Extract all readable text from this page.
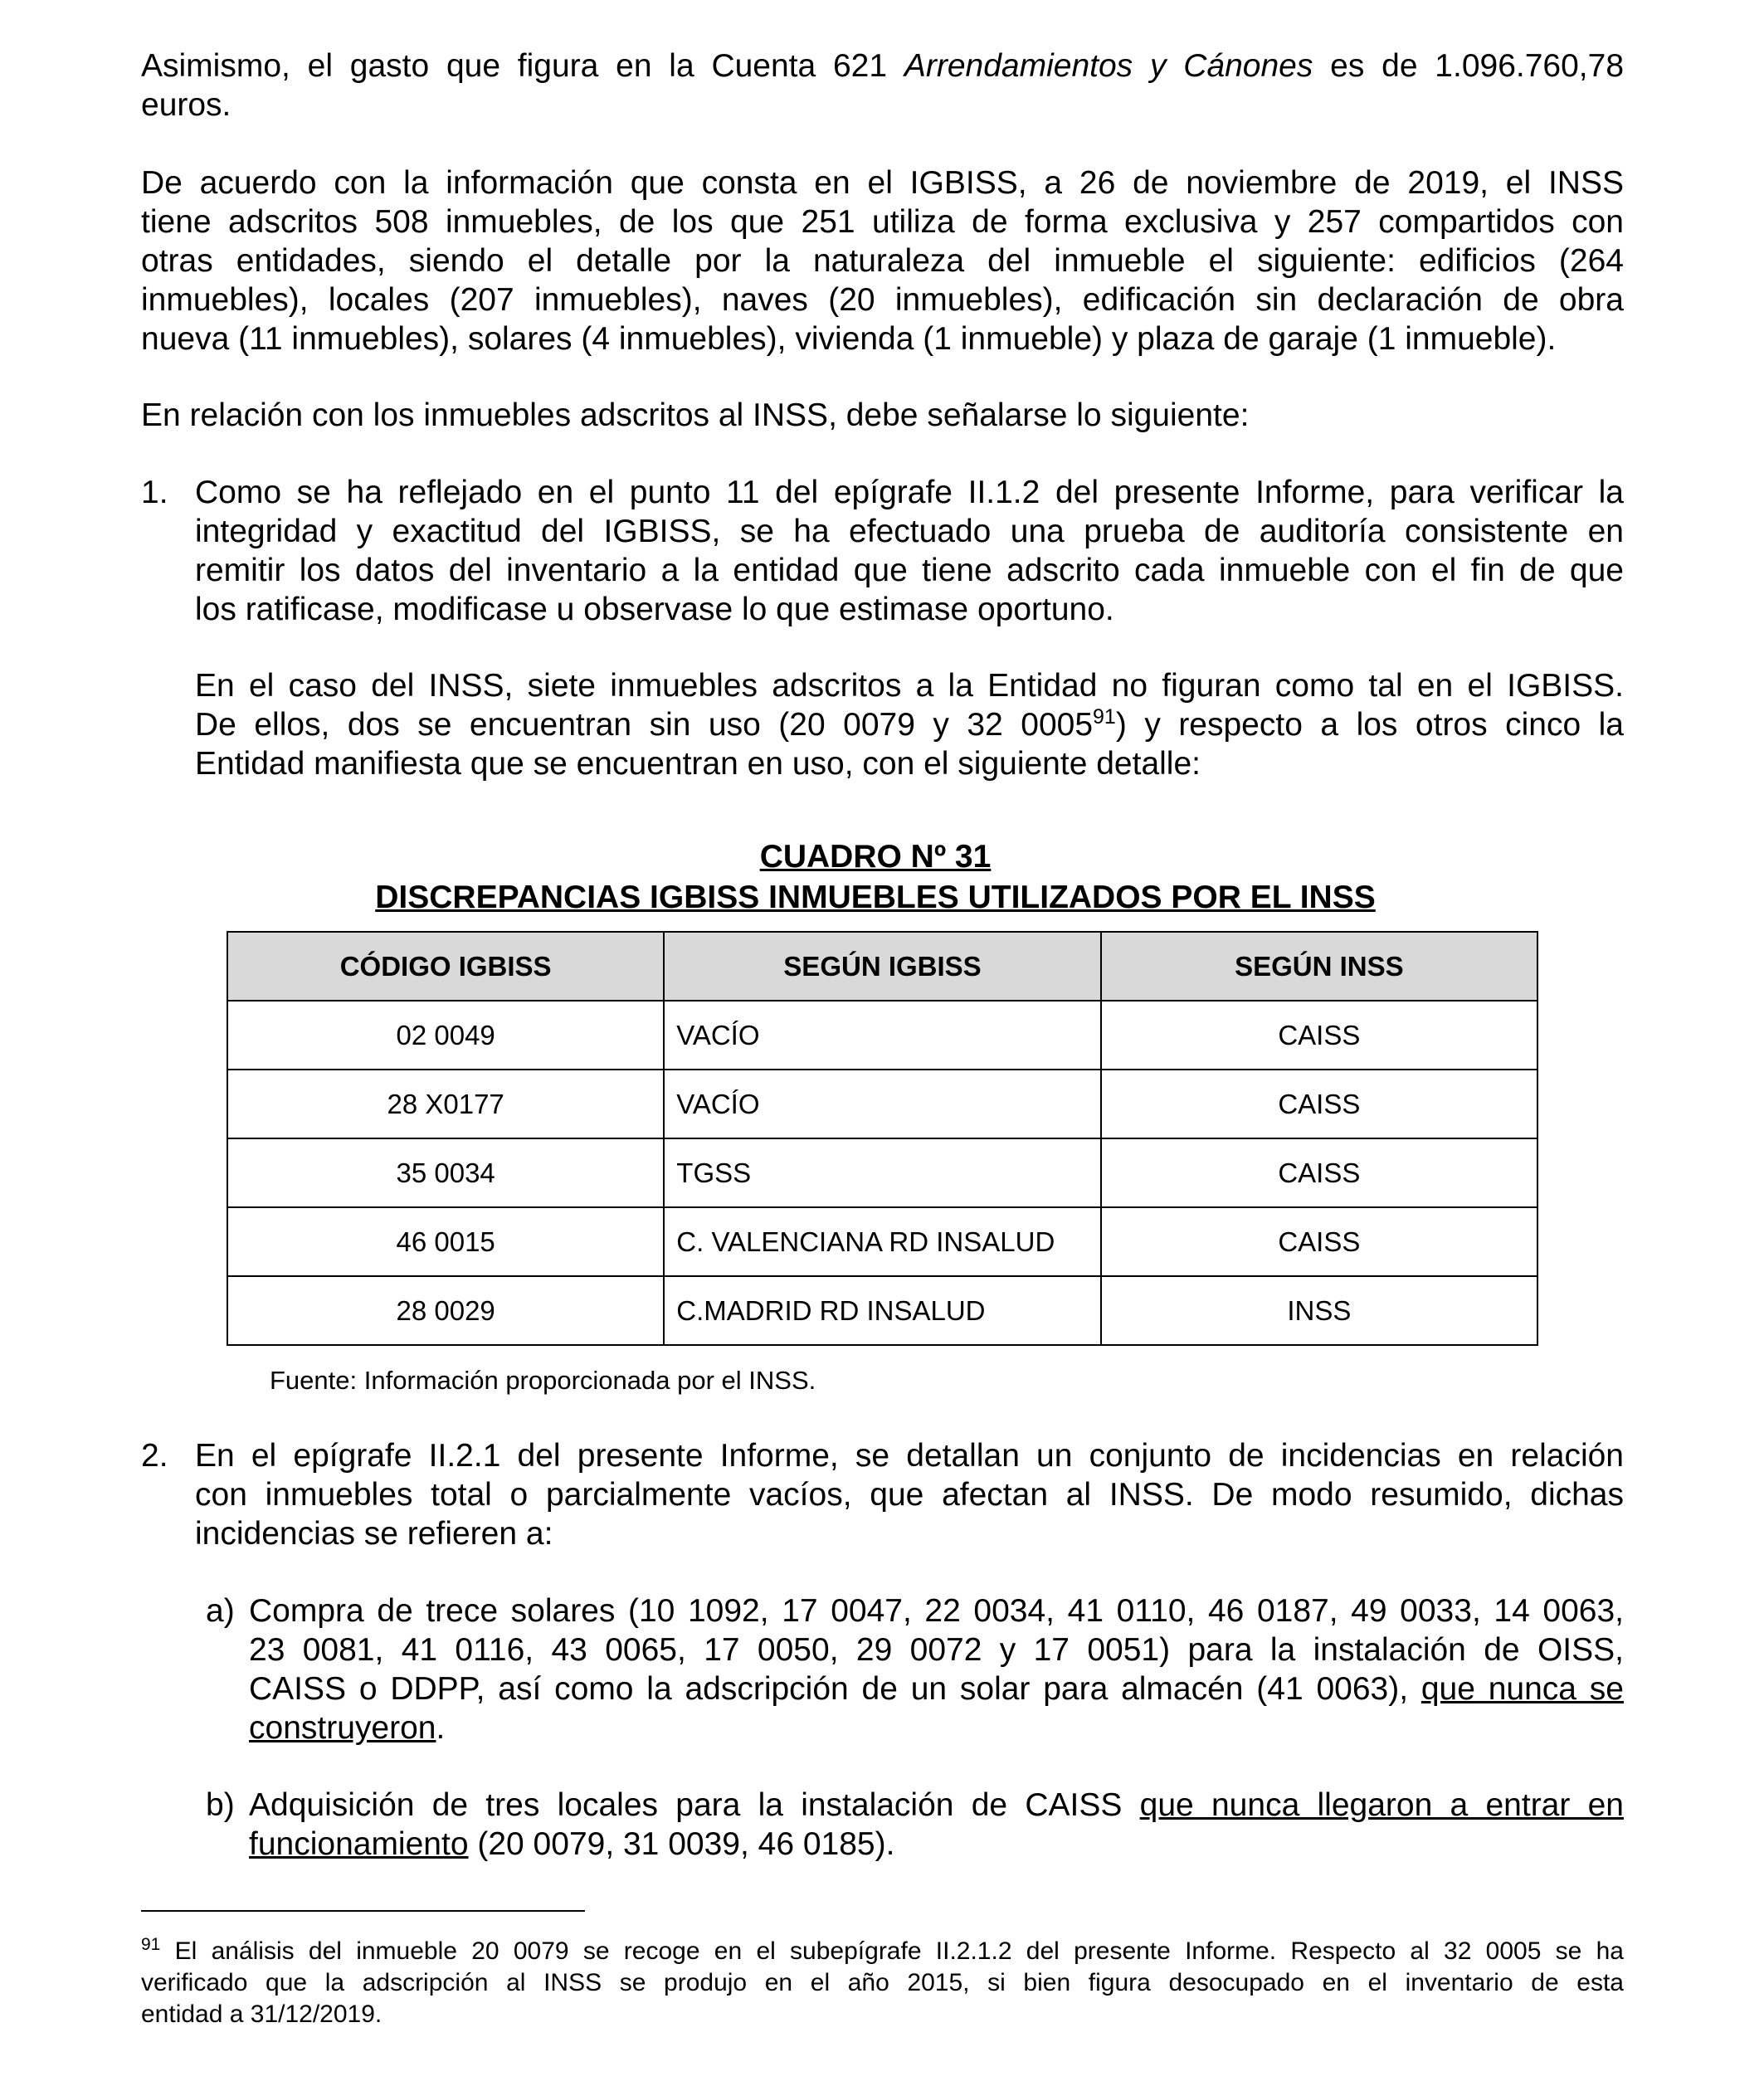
Asimismo, el gasto que figura en la Cuenta 621 Arrendamientos y Cánones es de 1.096.760,78
euros.
De acuerdo con la información que consta en el IGBISS, a 26 de noviembre de 2019, el INSS
tiene adscritos 508 inmuebles, de los que 251 utiliza de forma exclusiva y 257 compartidos con
otras entidades, siendo el detalle por la naturaleza del inmueble el siguiente: edificios (264
inmuebles), locales (207 inmuebles), naves (20 inmuebles), edificación sin declaración de obra
nueva (11 inmuebles), solares (4 inmuebles), vivienda (1 inmueble) y plaza de garaje (1 inmueble).
En relación con los inmuebles adscritos al INSS, debe señalarse lo siguiente:
1. Como se ha reflejado en el punto 11 del epígrafe II.1.2 del presente Informe, para verificar la
integridad y exactitud del IGBISS, se ha efectuado una prueba de auditoría consistente en
remitir los datos del inventario a la entidad que tiene adscrito cada inmueble con el fin de que
los ratificase, modificase u observase lo que estimase oportuno.
En el caso del INSS, siete inmuebles adscritos a la Entidad no figuran como tal en el IGBISS.
De ellos, dos se encuentran sin uso (20 0079 y 32 0005$^{91}$) y respecto a los otros cinco la
Entidad manifiesta que se encuentran en uso, con el siguiente detalle:
CUADRO Nº 31
DISCREPANCIAS IGBISS INMUEBLES UTILIZADOS POR EL INSS
CÓDIGO IGBISS	SEGÚN IGBISS	SEGÚN INSS
02 0049	VACÍO	CAISS
28 X0177	VACÍO	CAISS
35 0034	TGSS	CAISS
46 0015	C. VALENCIANA RD INSALUD	CAISS
28 0029	C.MADRID RD INSALUD	INSS
Fuente: Información proporcionada por el INSS.
2. En el epígrafe II.2.1 del presente Informe, se detallan un conjunto de incidencias en relación
con inmuebles total o parcialmente vacíos, que afectan al INSS. De modo resumido, dichas
incidencias se refieren a:
a) Compra de trece solares (10 1092, 17 0047, 22 0034, 41 0110, 46 0187, 49 0033, 14 0063,
23 0081, 41 0116, 43 0065, 17 0050, 29 0072 y 17 0051) para la instalación de OISS,
CAISS o DDPP, así como la adscripción de un solar para almacén (41 0063), que nunca se
construyeron.
b) Adquisición de tres locales para la instalación de CAISS que nunca llegaron a entrar en
funcionamiento (20 0079, 31 0039, 46 0185).
$^{91}$ El análisis del inmueble 20 0079 se recoge en el subepígrafe II.2.1.2 del presente Informe. Respecto al 32 0005 se ha
verificado que la adscripción al INSS se produjo en el año 2015, si bien figura desocupado en el inventario de esta
entidad a 31/12/2019.
